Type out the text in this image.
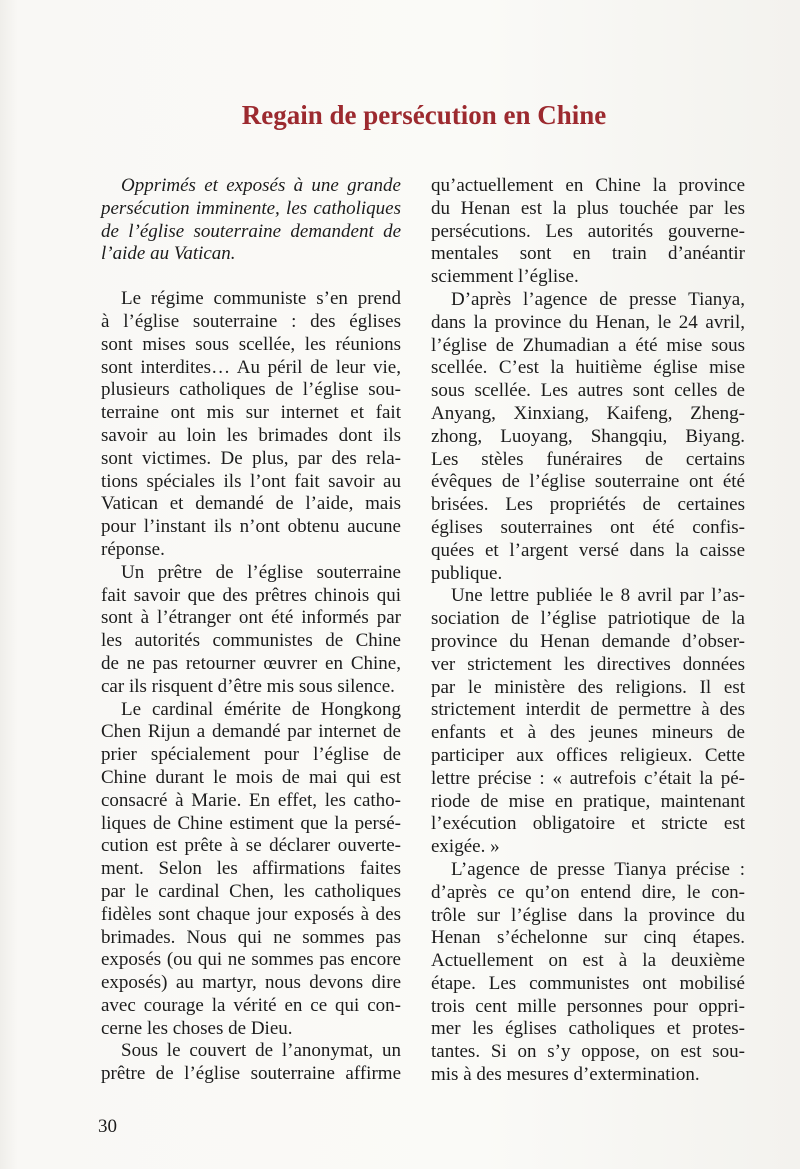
Regain de persécution en Chine
Opprimés et exposés à une grande
persécution imminente, les catholiques
de l’église souterraine demandent de
l’aide au Vatican.
Le régime communiste s’en prend
à l’église souterraine : des églises
sont mises sous scellée, les réunions
sont interdites… Au péril de leur vie,
plusieurs catholiques de l’église sou-
terraine ont mis sur internet et fait
savoir au loin les brimades dont ils
sont victimes. De plus, par des rela-
tions spéciales ils l’ont fait savoir au
Vatican et demandé de l’aide, mais
pour l’instant ils n’ont obtenu aucune
réponse.
Un prêtre de l’église souterraine
fait savoir que des prêtres chinois qui
sont à l’étranger ont été informés par
les autorités communistes de Chine
de ne pas retourner œuvrer en Chine,
car ils risquent d’être mis sous silence.
Le cardinal émérite de Hongkong
Chen Rijun a demandé par internet de
prier spécialement pour l’église de
Chine durant le mois de mai qui est
consacré à Marie. En effet, les catho-
liques de Chine estiment que la persé-
cution est prête à se déclarer ouverte-
ment. Selon les affirmations faites
par le cardinal Chen, les catholiques
fidèles sont chaque jour exposés à des
brimades. Nous qui ne sommes pas
exposés (ou qui ne sommes pas encore
exposés) au martyr, nous devons dire
avec courage la vérité en ce qui con-
cerne les choses de Dieu.
Sous le couvert de l’anonymat, un
prêtre de l’église souterraine affirme
qu’actuellement en Chine la province
du Henan est la plus touchée par les
persécutions. Les autorités gouverne-
mentales sont en train d’anéantir
sciemment l’église.
D’après l’agence de presse Tianya,
dans la province du Henan, le 24 avril,
l’église de Zhumadian a été mise sous
scellée. C’est la huitième église mise
sous scellée. Les autres sont celles de
Anyang, Xinxiang, Kaifeng, Zheng-
zhong, Luoyang, Shangqiu, Biyang.
Les stèles funéraires de certains
évêques de l’église souterraine ont été
brisées. Les propriétés de certaines
églises souterraines ont été confis-
quées et l’argent versé dans la caisse
publique.
Une lettre publiée le 8 avril par l’as-
sociation de l’église patriotique de la
province du Henan demande d’obser-
ver strictement les directives données
par le ministère des religions. Il est
strictement interdit de permettre à des
enfants et à des jeunes mineurs de
participer aux offices religieux. Cette
lettre précise : « autrefois c’était la pé-
riode de mise en pratique, maintenant
l’exécution obligatoire et stricte est
exigée. »
L’agence de presse Tianya précise :
d’après ce qu’on entend dire, le con-
trôle sur l’église dans la province du
Henan s’échelonne sur cinq étapes.
Actuellement on est à la deuxième
étape. Les communistes ont mobilisé
trois cent mille personnes pour oppri-
mer les églises catholiques et protes-
tantes. Si on s’y oppose, on est sou-
mis à des mesures d’extermination.
30
